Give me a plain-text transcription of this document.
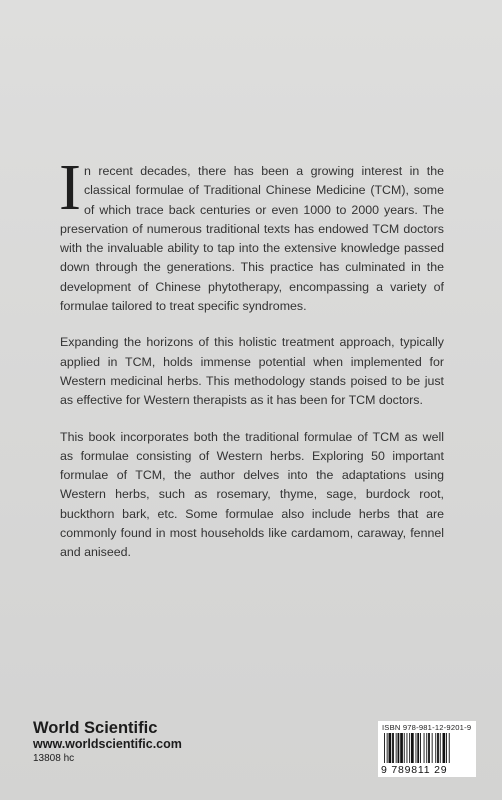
I n recent decades, there has been a growing interest in the classical formulae of Traditional Chinese Medicine (TCM), some of which trace back centuries or even 1000 to 2000 years. The preservation of numerous traditional texts has endowed TCM doctors with the invaluable ability to tap into the extensive knowledge passed down through the generations. This practice has culminated in the development of Chinese phytotherapy, encompassing a variety of formulae tailored to treat specific syndromes.

Expanding the horizons of this holistic treatment approach, typically applied in TCM, holds immense potential when implemented for Western medicinal herbs. This methodology stands poised to be just as effective for Western therapists as it has been for TCM doctors.

This book incorporates both the traditional formulae of TCM as well as formulae consisting of Western herbs. Exploring 50 important formulae of TCM, the author delves into the adaptations using Western herbs, such as rosemary, thyme, sage, burdock root, buckthorn bark, etc. Some formulae also include herbs that are commonly found in most households like cardamom, caraway, fennel and aniseed.

World Scientific
www.worldscientific.com
13808 hc
ISBN 978-981-12-9201-9
9 789811 29
